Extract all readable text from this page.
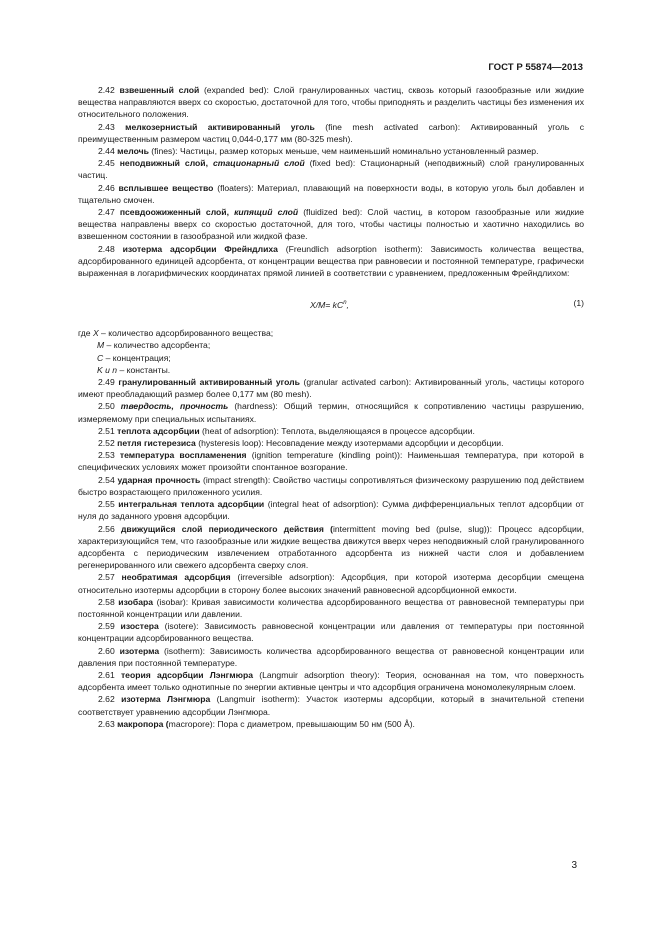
ГОСТ Р 55874—2013

2.42 взвешенный слой (expanded bed): Слой гранулированных частиц, сквозь который газообразные или жидкие вещества направляются вверх со скоростью, достаточной для того, чтобы приподнять и разделить частицы без изменения их относительного положения.

2.43 мелкозернистый активированный уголь (fine mesh activated carbon): Активированный уголь с преимущественным размером частиц 0,044-0,177 мм (80-325 mesh).

2.44 мелочь (fines): Частицы, размер которых меньше, чем наименьший номинально установленный размер.

2.45 неподвижный слой, стационарный слой (fixed bed): Стационарный (неподвижный) слой гранулированных частиц.

2.46 всплывшее вещество (floaters): Материал, плавающий на поверхности воды, в которую уголь был добавлен и тщательно смочен.

2.47 псевдоожиженный слой, кипящий слой (fluidized bed): Слой частиц, в котором газообразные или жидкие вещества направлены вверх со скоростью достаточной, для того, чтобы частицы полностью и хаотично находились во взвешенном состоянии в газообразной или жидкой фазе.

2.48 изотерма адсорбции Фрейндлиха (Freundlich adsorption isotherm): Зависимость количества вещества, адсорбированного единицей адсорбента, от концентрации вещества при равновесии и постоянной температуре, графически выраженная в логарифмических координатах прямой линией в соответствии с уравнением, предложенным Фрейндлихом:

$X/M= kC^n$,	(1)

где X – количество адсорбированного вещества;

M – количество адсорбента;

C – концентрация;

K и n – константы.

2.49 гранулированный активированный уголь (granular activated carbon): Активированный уголь, частицы которого имеют преобладающий размер более 0,177 мм (80 mesh).

2.50 твердость, прочность (hardness): Общий термин, относящийся к сопротивлению частицы разрушению, измеряемому при специальных испытаниях.

2.51 теплота адсорбции (heat of adsorption): Теплота, выделяющаяся в процессе адсорбции.

2.52 петля гистерезиса (hysteresis loop): Несовпадение между изотермами адсорбции и десорбции.

2.53 температура воспламенения (ignition temperature (kindling point)): Наименьшая температура, при которой в специфических условиях может произойти спонтанное возгорание.

2.54 ударная прочность (impact strength): Свойство частицы сопротивляться физическому разрушению под действием быстро возрастающего приложенного усилия.

2.55 интегральная теплота адсорбции (integral heat of adsorption): Сумма дифференциальных теплот адсорбции от нуля до заданного уровня адсорбции.

2.56 движущийся слой периодического действия (intermittent moving bed (pulse, slug)): Процесс адсорбции, характеризующийся тем, что газообразные или жидкие вещества движутся вверх через неподвижный слой гранулированного адсорбента с периодическим извлечением отработанного адсорбента из нижней части слоя и добавлением регенерированного или свежего адсорбента сверху слоя.

2.57 необратимая адсорбция (irreversible adsorption): Адсорбция, при которой изотерма десорбции смещена относительно изотермы адсорбции в сторону более высоких значений равновесной адсорбционной емкости.

2.58 изобара (isobar): Кривая зависимости количества адсорбированного вещества от равновесной температуры при постоянной концентрации или давлении.

2.59 изостера (isotere): Зависимость равновесной концентрации или давления от температуры при постоянной концентрации адсорбированного вещества.

2.60 изотерма (isotherm): Зависимость количества адсорбированного вещества от равновесной концентрации или давления при постоянной температуре.

2.61 теория адсорбции Лэнгмюра (Langmuir adsorption theory): Теория, основанная на том, что поверхность адсорбента имеет только однотипные по энергии активные центры и что адсорбция ограничена мономолекулярным слоем.

2.62 изотерма Лэнгмюра (Langmuir isotherm): Участок изотермы адсорбции, который в значительной степени соответствует уравнению адсорбции Лэнгмюра.

2.63 макропора (macropore): Пора с диаметром, превышающим 50 нм (500 Å).

3
